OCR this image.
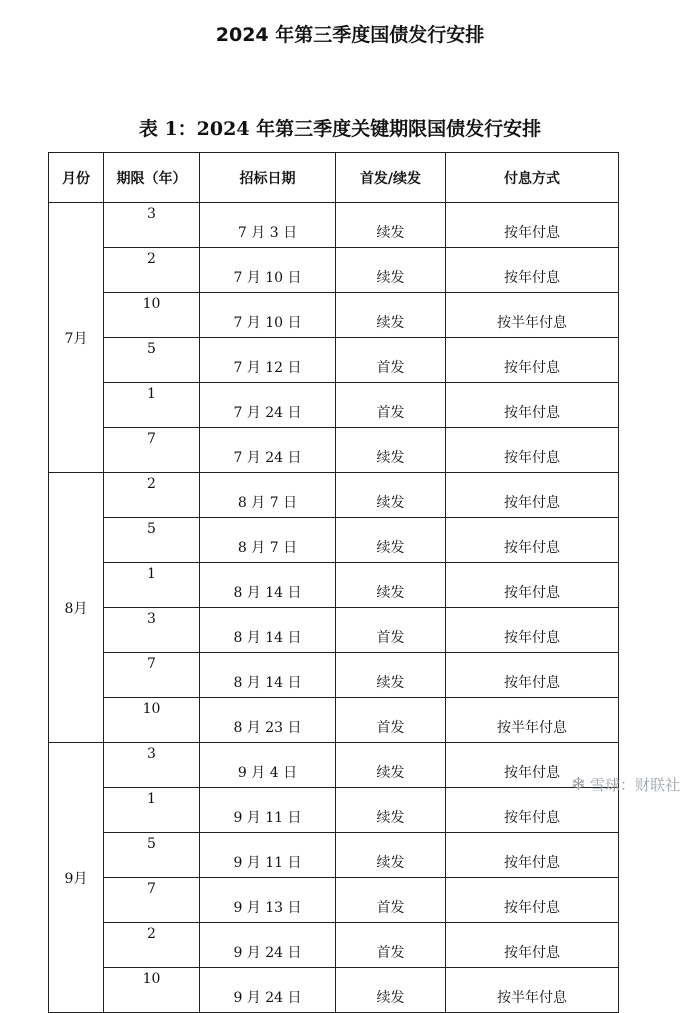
2024 年第三季度国债发行安排
表 1：2024 年第三季度关键期限国债发行安排
月份	期限（年）	招标日期	首发/续发	付息方式
7月	3	7 月 3 日	续发	按年付息
	2	7 月 10 日	续发	按年付息
	10	7 月 10 日	续发	按半年付息
	5	7 月 12 日	首发	按年付息
	1	7 月 24 日	首发	按年付息
	7	7 月 24 日	续发	按年付息
8月	2	8 月 7 日	续发	按年付息
	5	8 月 7 日	续发	按年付息
	1	8 月 14 日	续发	按年付息
	3	8 月 14 日	首发	按年付息
	7	8 月 14 日	续发	按年付息
	10	8 月 23 日	首发	按半年付息
9月	3	9 月 4 日	续发	按年付息
	1	9 月 11 日	续发	按年付息
	5	9 月 11 日	续发	按年付息
	7	9 月 13 日	首发	按年付息
	2	9 月 24 日	首发	按年付息
	10	9 月 24 日	续发	按半年付息
❄ 雪球：财联社
